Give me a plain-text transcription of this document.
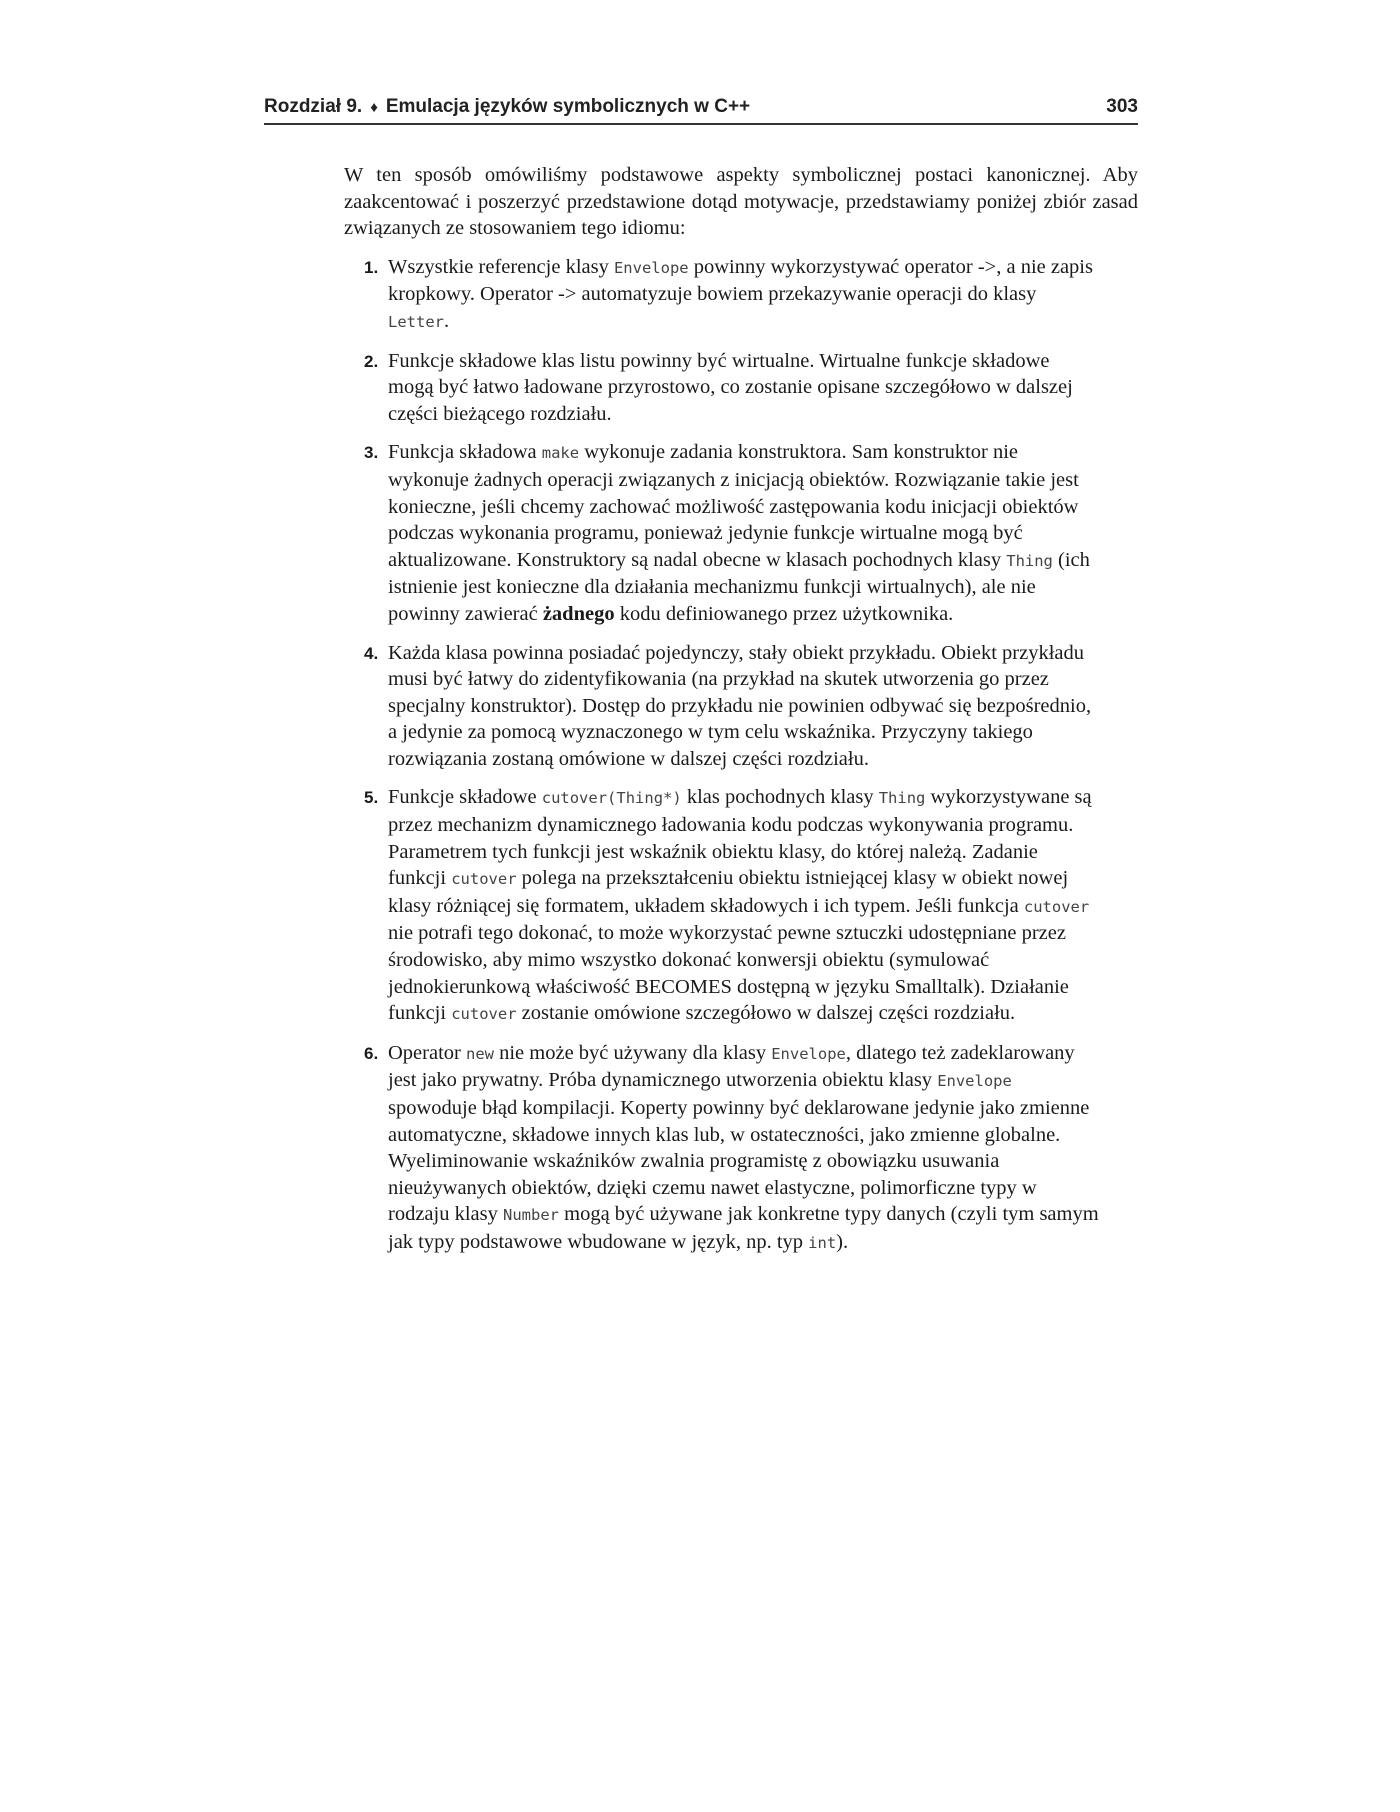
Rozdział 9. ♦ Emulacja języków symbolicznych w C++	303

W ten sposób omówiliśmy podstawowe aspekty symbolicznej postaci kanonicznej. Aby zaakcentować i poszerzyć przedstawione dotąd motywacje, przedstawiamy poniżej zbiór zasad związanych ze stosowaniem tego idiomu:

1. Wszystkie referencje klasy Envelope powinny wykorzystywać operator ->, a nie zapis kropkowy. Operator -> automatyzuje bowiem przekazywanie operacji do klasy Letter.
2. Funkcje składowe klas listu powinny być wirtualne. Wirtualne funkcje składowe mogą być łatwo ładowane przyrostowo, co zostanie opisane szczegółowo w dalszej części bieżącego rozdziału.
3. Funkcja składowa make wykonuje zadania konstruktora. Sam konstruktor nie wykonuje żadnych operacji związanych z inicjacją obiektów. Rozwiązanie takie jest konieczne, jeśli chcemy zachować możliwość zastępowania kodu inicjacji obiektów podczas wykonania programu, ponieważ jedynie funkcje wirtualne mogą być aktualizowane. Konstruktory są nadal obecne w klasach pochodnych klasy Thing (ich istnienie jest konieczne dla działania mechanizmu funkcji wirtualnych), ale nie powinny zawierać żadnego kodu definiowanego przez użytkownika.
4. Każda klasa powinna posiadać pojedynczy, stały obiekt przykładu. Obiekt przykładu musi być łatwy do zidentyfikowania (na przykład na skutek utworzenia go przez specjalny konstruktor). Dostęp do przykładu nie powinien odbywać się bezpośrednio, a jedynie za pomocą wyznaczonego w tym celu wskaźnika. Przyczyny takiego rozwiązania zostaną omówione w dalszej części rozdziału.
5. Funkcje składowe cutover(Thing*) klas pochodnych klasy Thing wykorzystywane są przez mechanizm dynamicznego ładowania kodu podczas wykonywania programu. Parametrem tych funkcji jest wskaźnik obiektu klasy, do której należą. Zadanie funkcji cutover polega na przekształceniu obiektu istniejącej klasy w obiekt nowej klasy różniącej się formatem, układem składowych i ich typem. Jeśli funkcja cutover nie potrafi tego dokonać, to może wykorzystać pewne sztuczki udostępniane przez środowisko, aby mimo wszystko dokonać konwersji obiektu (symulować jednokierunkową właściwość BECOMES dostępną w języku Smalltalk). Działanie funkcji cutover zostanie omówione szczegółowo w dalszej części rozdziału.
6. Operator new nie może być używany dla klasy Envelope, dlatego też zadeklarowany jest jako prywatny. Próba dynamicznego utworzenia obiektu klasy Envelope spowoduje błąd kompilacji. Koperty powinny być deklarowane jedynie jako zmienne automatyczne, składowe innych klas lub, w ostateczności, jako zmienne globalne. Wyeliminowanie wskaźników zwalnia programistę z obowiązku usuwania nieużywanych obiektów, dzięki czemu nawet elastyczne, polimorficzne typy w rodzaju klasy Number mogą być używane jak konkretne typy danych (czyli tym samym jak typy podstawowe wbudowane w język, np. typ int).
